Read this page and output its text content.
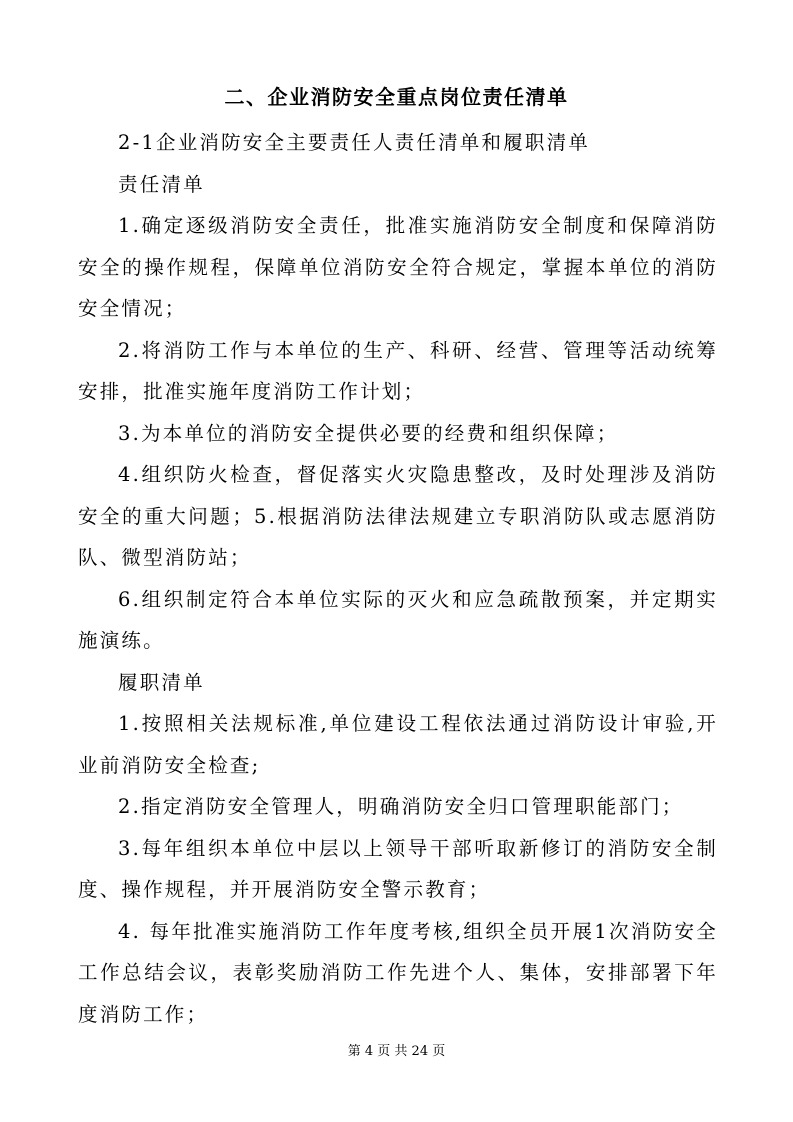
二、企业消防安全重点岗位责任清单

2-1企业消防安全主要责任人责任清单和履职清单

责任清单

1.确定逐级消防安全责任，批准实施消防安全制度和保障消防安全的操作规程，保障单位消防安全符合规定，掌握本单位的消防安全情况；

2.将消防工作与本单位的生产、科研、经营、管理等活动统筹安排，批准实施年度消防工作计划；

3.为本单位的消防安全提供必要的经费和组织保障；

4.组织防火检查，督促落实火灾隐患整改，及时处理涉及消防安全的重大问题；5.根据消防法律法规建立专职消防队或志愿消防队、微型消防站；

6.组织制定符合本单位实际的灭火和应急疏散预案，并定期实施演练。

履职清单

1.按照相关法规标准,单位建设工程依法通过消防设计审验,开业前消防安全检查;

2.指定消防安全管理人，明确消防安全归口管理职能部门；

3.每年组织本单位中层以上领导干部听取新修订的消防安全制度、操作规程，并开展消防安全警示教育；

4. 每年批准实施消防工作年度考核,组织全员开展1次消防安全工作总结会议，表彰奖励消防工作先进个人、集体，安排部署下年度消防工作；

第 4 页 共 24 页
